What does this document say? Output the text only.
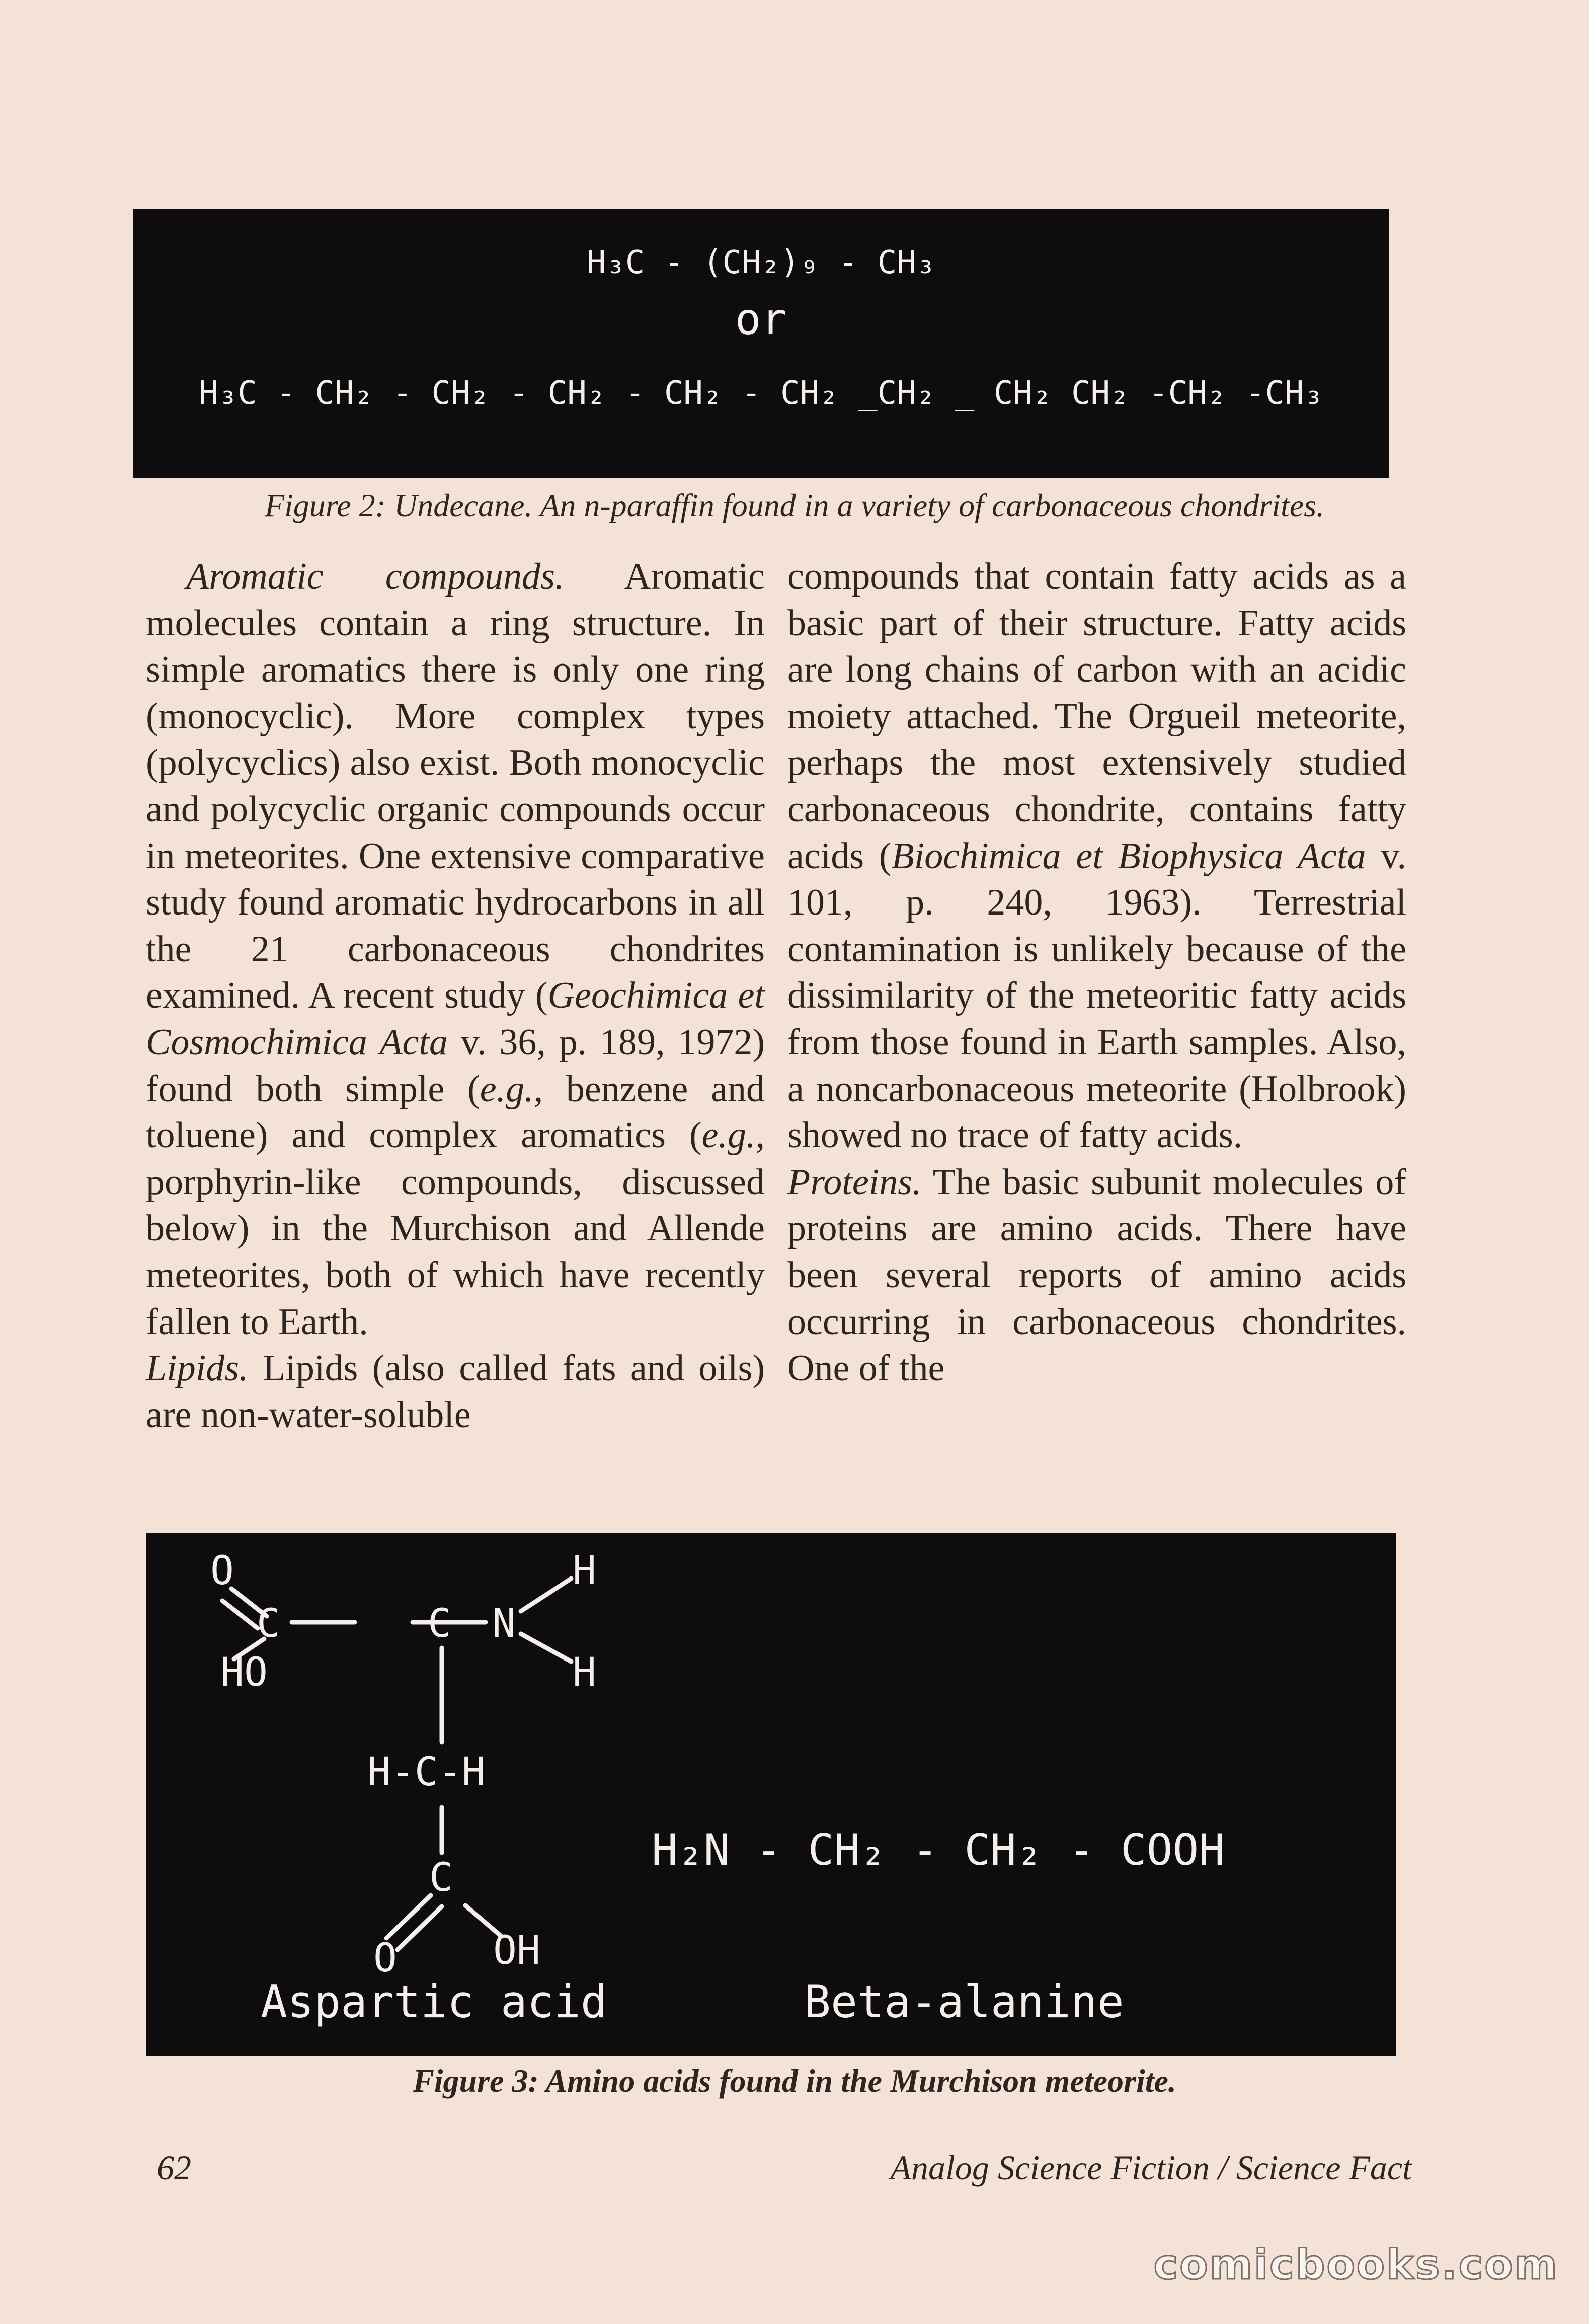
H₃C - (CH₂)₉ - CH₃
or
H₃C - CH₂ - CH₂ - CH₂ - CH₂ - CH₂ _CH₂ _ CH₂ CH₂ -CH₂ -CH₃
Figure 2: Undecane. An n-paraffin found in a variety of carbonaceous chondrites.

Aromatic compounds. Aromatic molecules contain a ring structure. In simple aromatics there is only one ring (monocyclic). More complex types (polycyclics) also exist. Both monocyclic and polycyclic organic compounds occur in meteorites. One extensive comparative study found aromatic hydrocarbons in all the 21 carbonaceous chondrites examined. A recent study (Geochimica et Cosmochimica Acta v. 36, p. 189, 1972) found both simple (e.g., benzene and toluene) and complex aromatics (e.g., porphyrin-like compounds, discussed below) in the Murchison and Allende meteorites, both of which have recently fallen to Earth.

Lipids. Lipids (also called fats and oils) are non-water-soluble

compounds that contain fatty acids as a basic part of their structure. Fatty acids are long chains of carbon with an acidic moiety attached. The Orgueil meteorite, perhaps the most extensively studied carbonaceous chondrite, contains fatty acids (Biochimica et Biophysica Acta v. 101, p. 240, 1963). Terrestrial contamination is unlikely because of the dissimilarity of the meteoritic fatty acids from those found in Earth samples. Also, a noncarbonaceous meteorite (Holbrook) showed no trace of fatty acids.

Proteins. The basic subunit molecules of proteins are amino acids. There have been several reports of amino acids occurring in carbonaceous chondrites. One of the

O
C	C N
H
H
HO
H-C-H
C
O OH
H₂N - CH₂ - CH₂ - COOH
Aspartic acid	Beta-alanine
Figure 3: Amino acids found in the Murchison meteorite.
62	Analog Science Fiction / Science Fact
comicbooks.com
